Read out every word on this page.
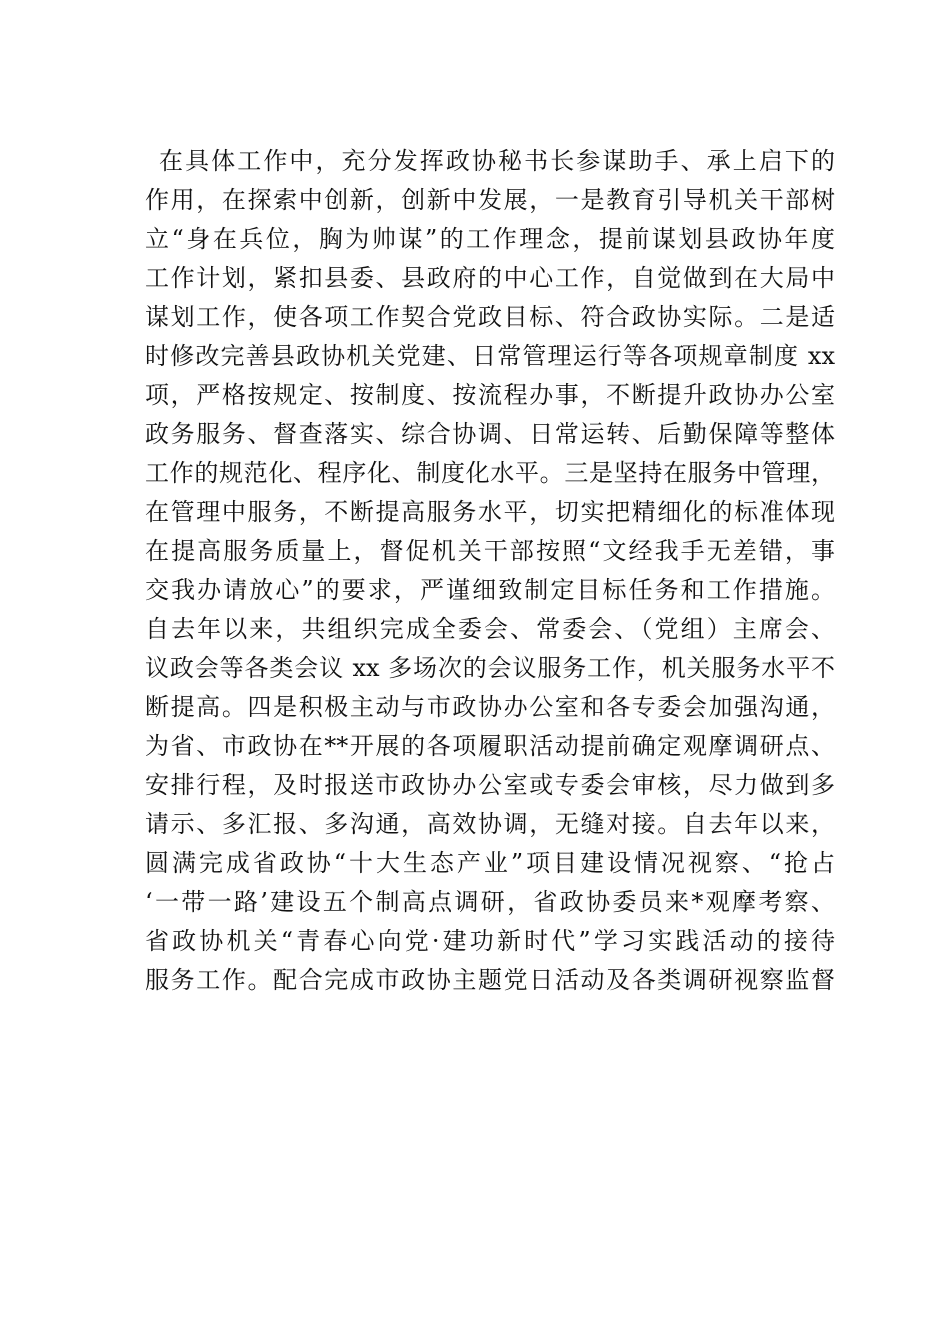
在具体工作中，充分发挥政协秘书长参谋助手、承上启下的
作用，在探索中创新，创新中发展，一是教育引导机关干部树
立“身在兵位，胸为帅谋”的工作理念，提前谋划县政协年度
工作计划，紧扣县委、县政府的中心工作，自觉做到在大局中
谋划工作，使各项工作契合党政目标、符合政协实际。二是适
时修改完善县政协机关党建、日常管理运行等各项规章制度 xx
项，严格按规定、按制度、按流程办事，不断提升政协办公室
政务服务、督查落实、综合协调、日常运转、后勤保障等整体
工作的规范化、程序化、制度化水平。三是坚持在服务中管理，
在管理中服务，不断提高服务水平，切实把精细化的标准体现
在提高服务质量上，督促机关干部按照“文经我手无差错，事
交我办请放心”的要求，严谨细致制定目标任务和工作措施。
自去年以来，共组织完成全委会、常委会、（党组）主席会、
议政会等各类会议 xx 多场次的会议服务工作，机关服务水平不
断提高。四是积极主动与市政协办公室和各专委会加强沟通，
为省、市政协在**开展的各项履职活动提前确定观摩调研点、
安排行程，及时报送市政协办公室或专委会审核，尽力做到多
请示、多汇报、多沟通，高效协调，无缝对接。自去年以来，
圆满完成省政协“十大生态产业”项目建设情况视察、“抢占
‘一带一路’建设五个制高点调研，省政协委员来*观摩考察、
省政协机关“青春心向党·建功新时代”学习实践活动的接待
服务工作。配合完成市政协主题党日活动及各类调研视察监督
